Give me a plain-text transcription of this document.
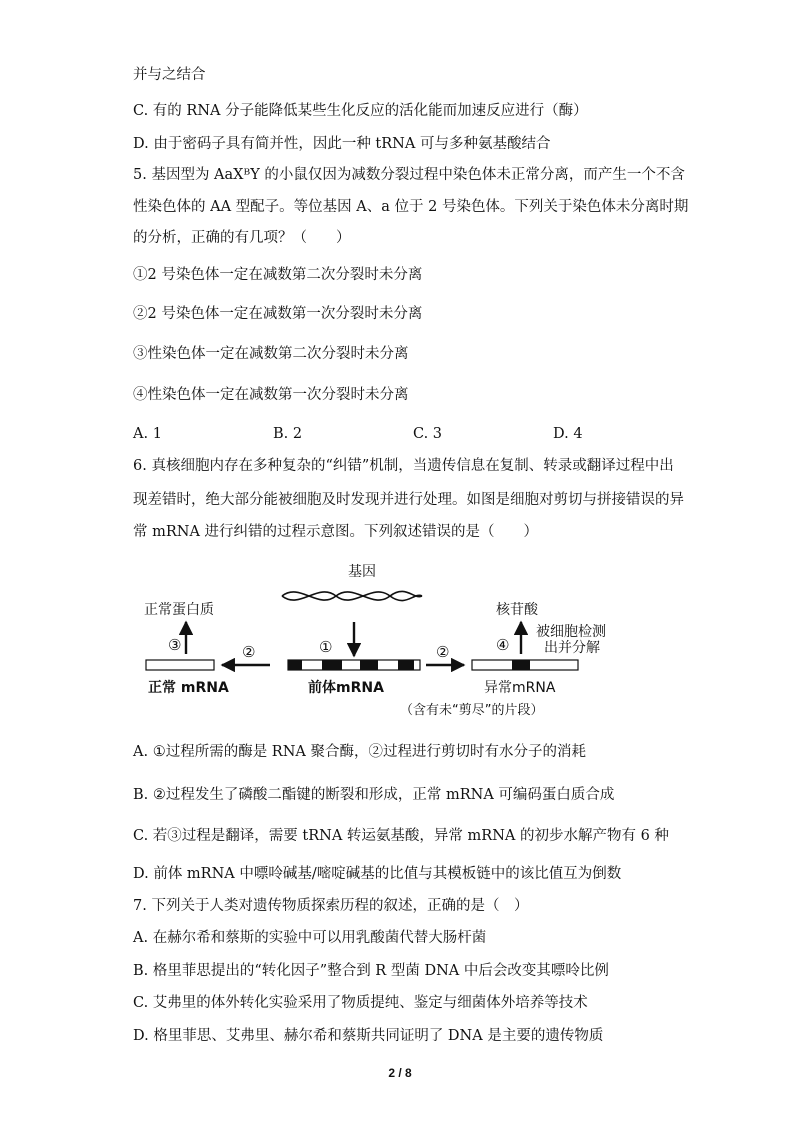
并与之结合
C. 有的 RNA 分子能降低某些生化反应的活化能而加速反应进行（酶）
D. 由于密码子具有简并性，因此一种 tRNA 可与多种氨基酸结合
5. 基因型为 AaXᴮY 的小鼠仅因为减数分裂过程中染色体未正常分离，而产生一个不含
性染色体的 AA 型配子。等位基因 A、a 位于 2 号染色体。下列关于染色体未分离时期
的分析，正确的有几项？（　　）
①2 号染色体一定在减数第二次分裂时未分离
②2 号染色体一定在减数第一次分裂时未分离
③性染色体一定在减数第二次分裂时未分离
④性染色体一定在减数第一次分裂时未分离
A. 1	B. 2	C. 3	D. 4
6. 真核细胞内存在多种复杂的“纠错”机制，当遗传信息在复制、转录或翻译过程中出
现差错时，绝大部分能被细胞及时发现并进行处理。如图是细胞对剪切与拼接错误的异
常 mRNA 进行纠错的过程示意图。下列叙述错误的是（　　）
基因
①
前体mRNA
②
正常 mRNA
③
正常蛋白质
②
异常mRNA
（含有未“剪尽”的片段）
④
核苷酸
被细胞检测
出并分解
A. ①过程所需的酶是 RNA 聚合酶，②过程进行剪切时有水分子的消耗
B. ②过程发生了磷酸二酯键的断裂和形成，正常 mRNA 可编码蛋白质合成
C. 若③过程是翻译，需要 tRNA 转运氨基酸，异常 mRNA 的初步水解产物有 6 种
D. 前体 mRNA 中嘌呤碱基/嘧啶碱基的比值与其模板链中的该比值互为倒数
7. 下列关于人类对遗传物质探索历程的叙述，正确的是（　）
A. 在赫尔希和蔡斯的实验中可以用乳酸菌代替大肠杆菌
B. 格里菲思提出的“转化因子”整合到 R 型菌 DNA 中后会改变其嘌呤比例
C. 艾弗里的体外转化实验采用了物质提纯、鉴定与细菌体外培养等技术
D. 格里菲思、艾弗里、赫尔希和蔡斯共同证明了 DNA 是主要的遗传物质
2 / 8
